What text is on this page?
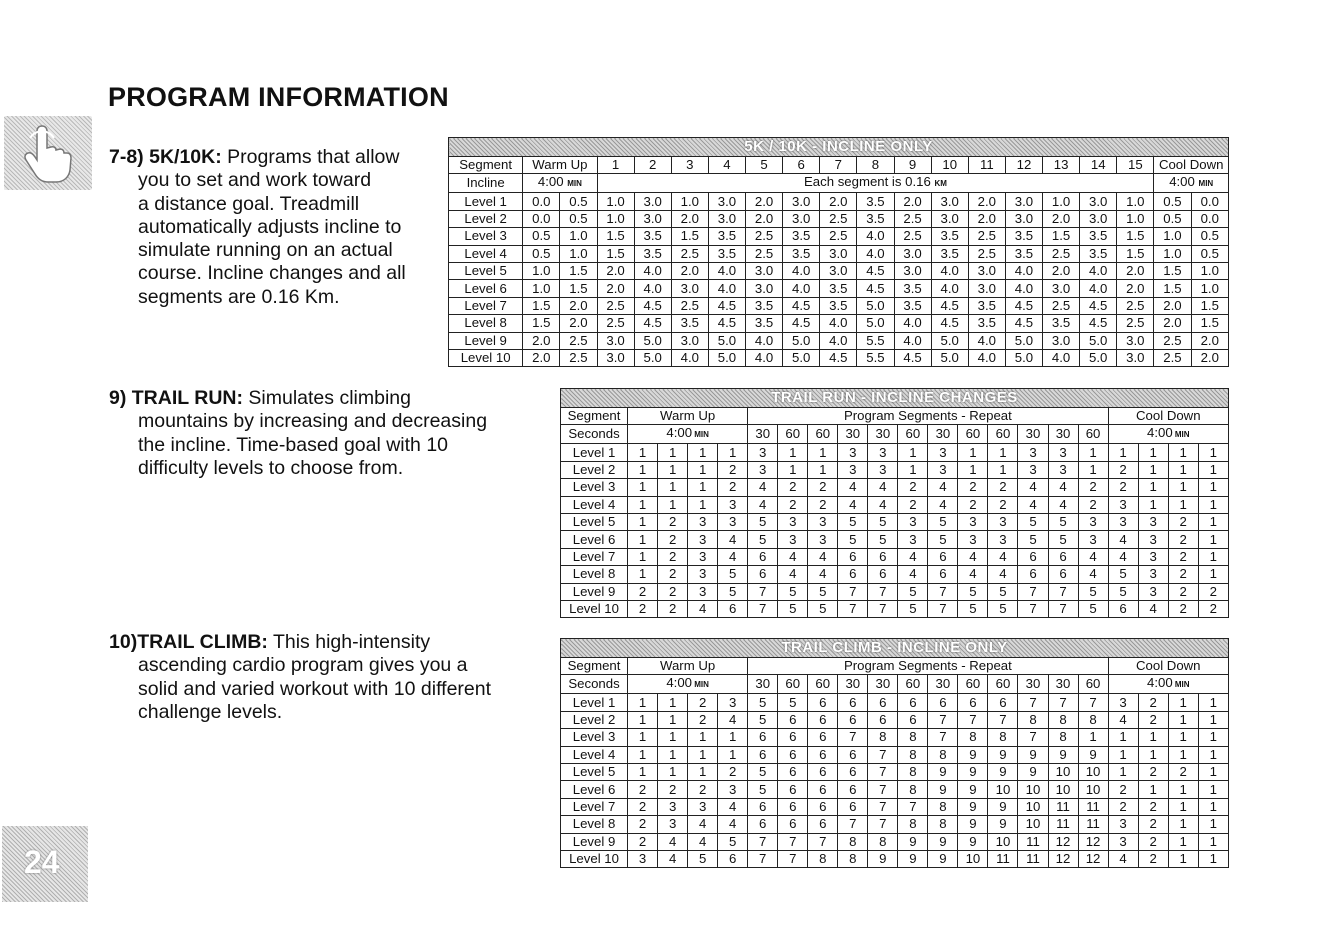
PROGRAM INFORMATION
7-8) 5K/10K: Programs that allow
you to set and work toward
a distance goal. Treadmill
automatically adjusts incline to
simulate running on an actual
course. Incline changes and all
segments are 0.16 Km.
9) TRAIL RUN: Simulates climbing
mountains by increasing and decreasing
the incline. Time-based goal with 10
difficulty levels to choose from.
10)TRAIL CLIMB: This high-intensity
ascending cardio program gives you a
solid and varied workout with 10 different
challenge levels.
5K / 10K - INCLINE ONLY																			
Segment	Warm Up		1	2	3	4	5	6	7	8	9	10	11	12	13	14	15	Cool Down	
Incline	4:00 MIN		Each segment is 0.16 KM															4:00 MIN	
Level 1	0.0	0.5	1.0	3.0	1.0	3.0	2.0	3.0	2.0	3.5	2.0	3.0	2.0	3.0	1.0	3.0	1.0	0.5	0.0
Level 2	0.0	0.5	1.0	3.0	2.0	3.0	2.0	3.0	2.5	3.5	2.5	3.0	2.0	3.0	2.0	3.0	1.0	0.5	0.0
Level 3	0.5	1.0	1.5	3.5	1.5	3.5	2.5	3.5	2.5	4.0	2.5	3.5	2.5	3.5	1.5	3.5	1.5	1.0	0.5
Level 4	0.5	1.0	1.5	3.5	2.5	3.5	2.5	3.5	3.0	4.0	3.0	3.5	2.5	3.5	2.5	3.5	1.5	1.0	0.5
Level 5	1.0	1.5	2.0	4.0	2.0	4.0	3.0	4.0	3.0	4.5	3.0	4.0	3.0	4.0	2.0	4.0	2.0	1.5	1.0
Level 6	1.0	1.5	2.0	4.0	3.0	4.0	3.0	4.0	3.5	4.5	3.5	4.0	3.0	4.0	3.0	4.0	2.0	1.5	1.0
Level 7	1.5	2.0	2.5	4.5	2.5	4.5	3.5	4.5	3.5	5.0	3.5	4.5	3.5	4.5	2.5	4.5	2.5	2.0	1.5
Level 8	1.5	2.0	2.5	4.5	3.5	4.5	3.5	4.5	4.0	5.0	4.0	4.5	3.5	4.5	3.5	4.5	2.5	2.0	1.5
Level 9	2.0	2.5	3.0	5.0	3.0	5.0	4.0	5.0	4.0	5.5	4.0	5.0	4.0	5.0	3.0	5.0	3.0	2.5	2.0
Level 10	2.0	2.5	3.0	5.0	4.0	5.0	4.0	5.0	4.5	5.5	4.5	5.0	4.0	5.0	4.0	5.0	3.0	2.5	2.0
TRAIL RUN - INCLINE CHANGES																				
Segment	Warm Up				Program Segments - Repeat												Cool Down			
Seconds	4:00 MIN				30	60	60	30	30	60	30	60	60	30	30	60	4:00 MIN			
Level 1	1	1	1	1	3	1	1	3	3	1	3	1	1	3	3	1	1	1	1	1
Level 2	1	1	1	2	3	1	1	3	3	1	3	1	1	3	3	1	2	1	1	1
Level 3	1	1	1	2	4	2	2	4	4	2	4	2	2	4	4	2	2	1	1	1
Level 4	1	1	1	3	4	2	2	4	4	2	4	2	2	4	4	2	3	1	1	1
Level 5	1	2	3	3	5	3	3	5	5	3	5	3	3	5	5	3	3	3	2	1
Level 6	1	2	3	4	5	3	3	5	5	3	5	3	3	5	5	3	4	3	2	1
Level 7	1	2	3	4	6	4	4	6	6	4	6	4	4	6	6	4	4	3	2	1
Level 8	1	2	3	5	6	4	4	6	6	4	6	4	4	6	6	4	5	3	2	1
Level 9	2	2	3	5	7	5	5	7	7	5	7	5	5	7	7	5	5	3	2	2
Level 10	2	2	4	6	7	5	5	7	7	5	7	5	5	7	7	5	6	4	2	2
TRAIL CLIMB - INCLINE ONLY																				
Segment	Warm Up				Program Segments - Repeat												Cool Down			
Seconds	4:00 MIN				30	60	60	30	30	60	30	60	60	30	30	60	4:00 MIN			
Level 1	1	1	2	3	5	5	6	6	6	6	6	6	6	7	7	7	3	2	1	1
Level 2	1	1	2	4	5	6	6	6	6	6	7	7	7	8	8	8	4	2	1	1
Level 3	1	1	1	1	6	6	6	7	8	8	7	8	8	7	8	1	1	1	1	1
Level 4	1	1	1	1	6	6	6	6	7	8	8	9	9	9	9	9	1	1	1	1
Level 5	1	1	1	2	5	6	6	6	7	8	9	9	9	9	10	10	1	2	2	1
Level 6	2	2	2	3	5	6	6	6	7	8	9	9	10	10	10	10	2	1	1	1
Level 7	2	3	3	4	6	6	6	6	7	7	8	9	9	10	11	11	2	2	1	1
Level 8	2	3	4	4	6	6	6	7	7	8	8	9	9	10	11	11	3	2	1	1
Level 9	2	4	4	5	7	7	7	8	8	9	9	9	10	11	12	12	3	2	1	1
Level 10	3	4	5	6	7	7	8	8	9	9	9	10	11	11	12	12	4	2	1	1
24
